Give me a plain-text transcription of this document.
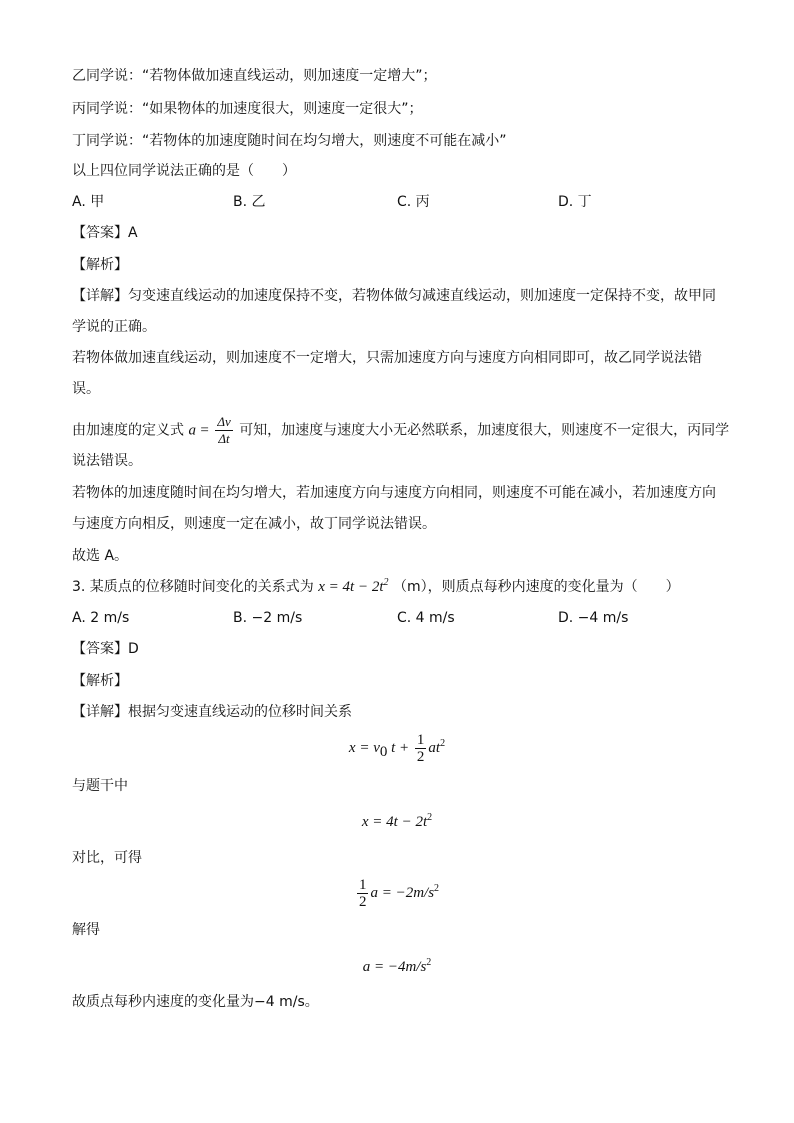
乙同学说：“若物体做加速直线运动，则加速度一定增大”；
丙同学说：“如果物体的加速度很大，则速度一定很大”；
丁同学说：“若物体的加速度随时间在均匀增大，则速度不可能在减小”
以上四位同学说法正确的是（　　）
A. 甲	B. 乙	C. 丙	D. 丁
【答案】A
【解析】
【详解】匀变速直线运动的加速度保持不变，若物体做匀减速直线运动，则加速度一定保持不变，故甲同
学说的正确。
若物体做加速直线运动，则加速度不一定增大，只需加速度方向与速度方向相同即可，故乙同学说法错
误。
由加速度的定义式 $a = \frac{\Delta v}{\Delta t}$ 可知，加速度与速度大小无必然联系，加速度很大，则速度不一定很大，丙同学
说法错误。
若物体的加速度随时间在均匀增大，若加速度方向与速度方向相同，则速度不可能在减小，若加速度方向
与速度方向相反，则速度一定在减小，故丁同学说法错误。
故选 A。
3. 某质点的位移随时间变化的关系式为 $x = 4t - 2t^2$ （m），则质点每秒内速度的变化量为（　　）
A. 2 m/s	B. −2 m/s	C. 4 m/s	D. −4 m/s
【答案】D
【解析】
【详解】根据匀变速直线运动的位移时间关系
$x = v_0$ $t + \frac{1}{2} at^2$
与题干中
$x = 4t - 2t^2$
对比，可得
$\frac{1}{2}$ $a = -2m/s^2$
解得
$a = -4m/s^2$
故质点每秒内速度的变化量为−4 m/s。
